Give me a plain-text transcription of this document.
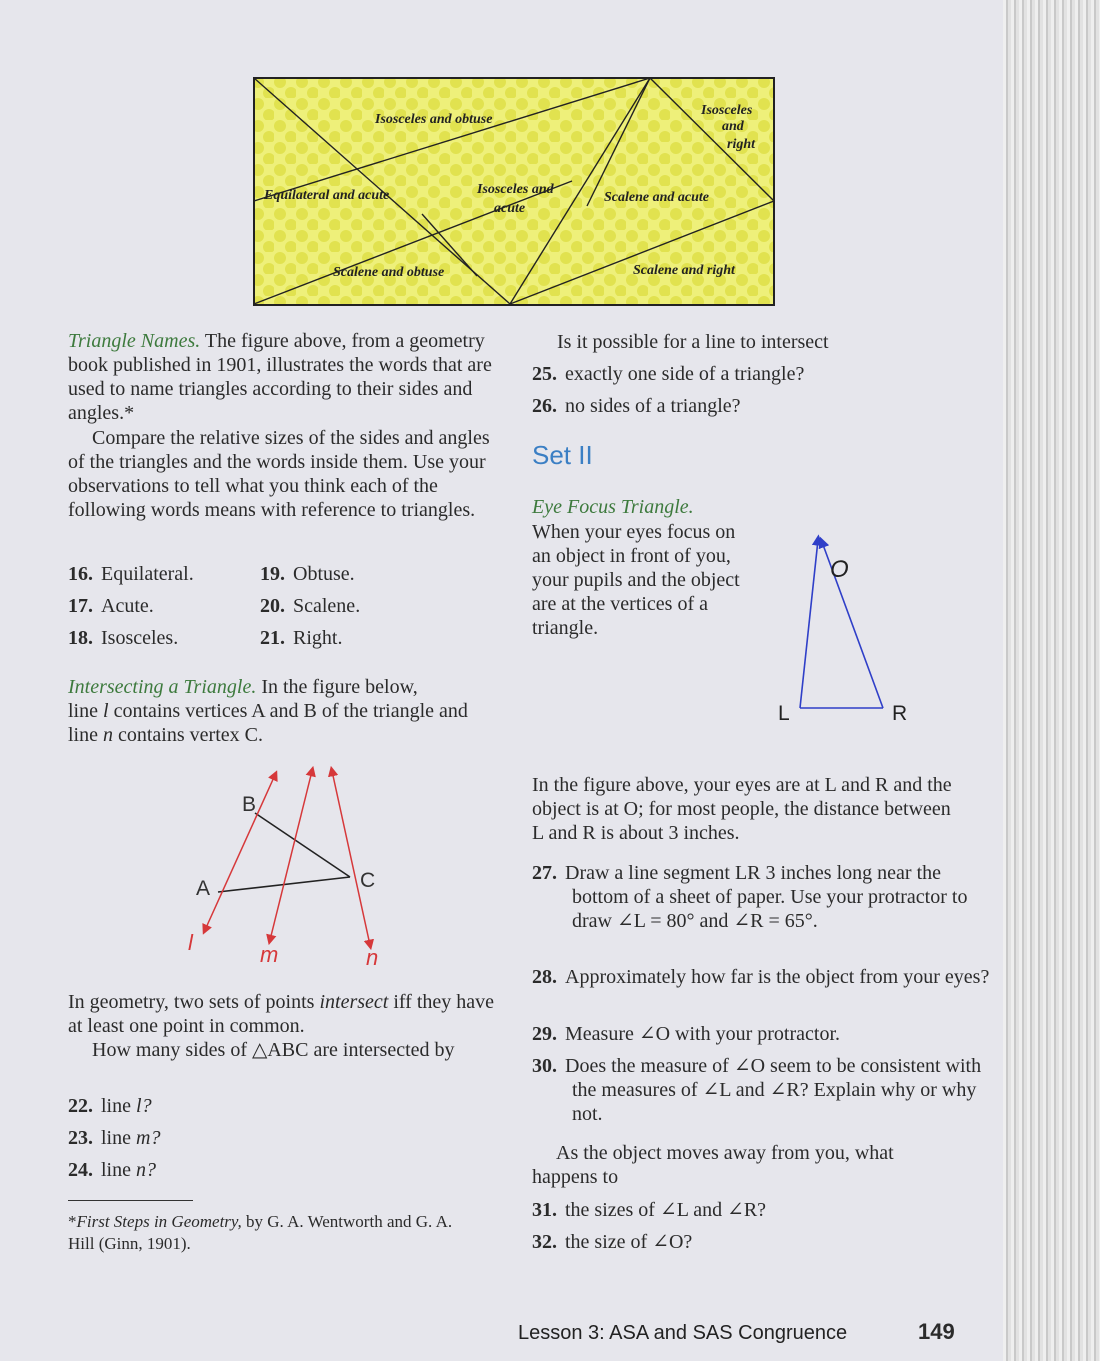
Isosceles and obtuse
Isosceles
and
right
Equilateral and acute	Isosceles and
acute
Scalene and acute
Scalene and obtuse	Scalene and right
Triangle Names. The figure above, from a geometry book published in 1901, illustrates the words that are used to name triangles according to their sides and angles.*
Compare the relative sizes of the sides and angles of the triangles and the words inside them. Use your observations to tell what you think each of the following words means with reference to triangles.
16. Equilateral.
17. Acute.
18. Isosceles.
19. Obtuse.
20. Scalene.
21. Right.
Intersecting a Triangle. In the figure below,
line l contains vertices A and B of the triangle and line n contains vertex C.
B
A	C
l	m	n
In geometry, two sets of points intersect iff they have at least one point in common.
How many sides of △ABC are intersected by
22. line l?
23. line m?
24. line n?
*First Steps in Geometry, by G. A. Wentworth and G. A. Hill (Ginn, 1901).
Is it possible for a line to intersect
25. exactly one side of a triangle?
26. no sides of a triangle?
Set II
Eye Focus Triangle.
When your eyes focus on an object in front of you, your pupils and the object are at the vertices of a triangle.
O
L	R
In the figure above, your eyes are at L and R and the object is at O; for most people, the distance between L and R is about 3 inches.
27. Draw a line segment LR 3 inches long near the bottom of a sheet of paper. Use your protractor to draw ∠L = 80° and ∠R = 65°.
28. Approximately how far is the object from your eyes?
29. Measure ∠O with your protractor.
30. Does the measure of ∠O seem to be consistent with the measures of ∠L and ∠R? Explain why or why not.
As the object moves away from you, what happens to
31. the sizes of ∠L and ∠R?
32. the size of ∠O?
Lesson 3: ASA and SAS Congruence	149
